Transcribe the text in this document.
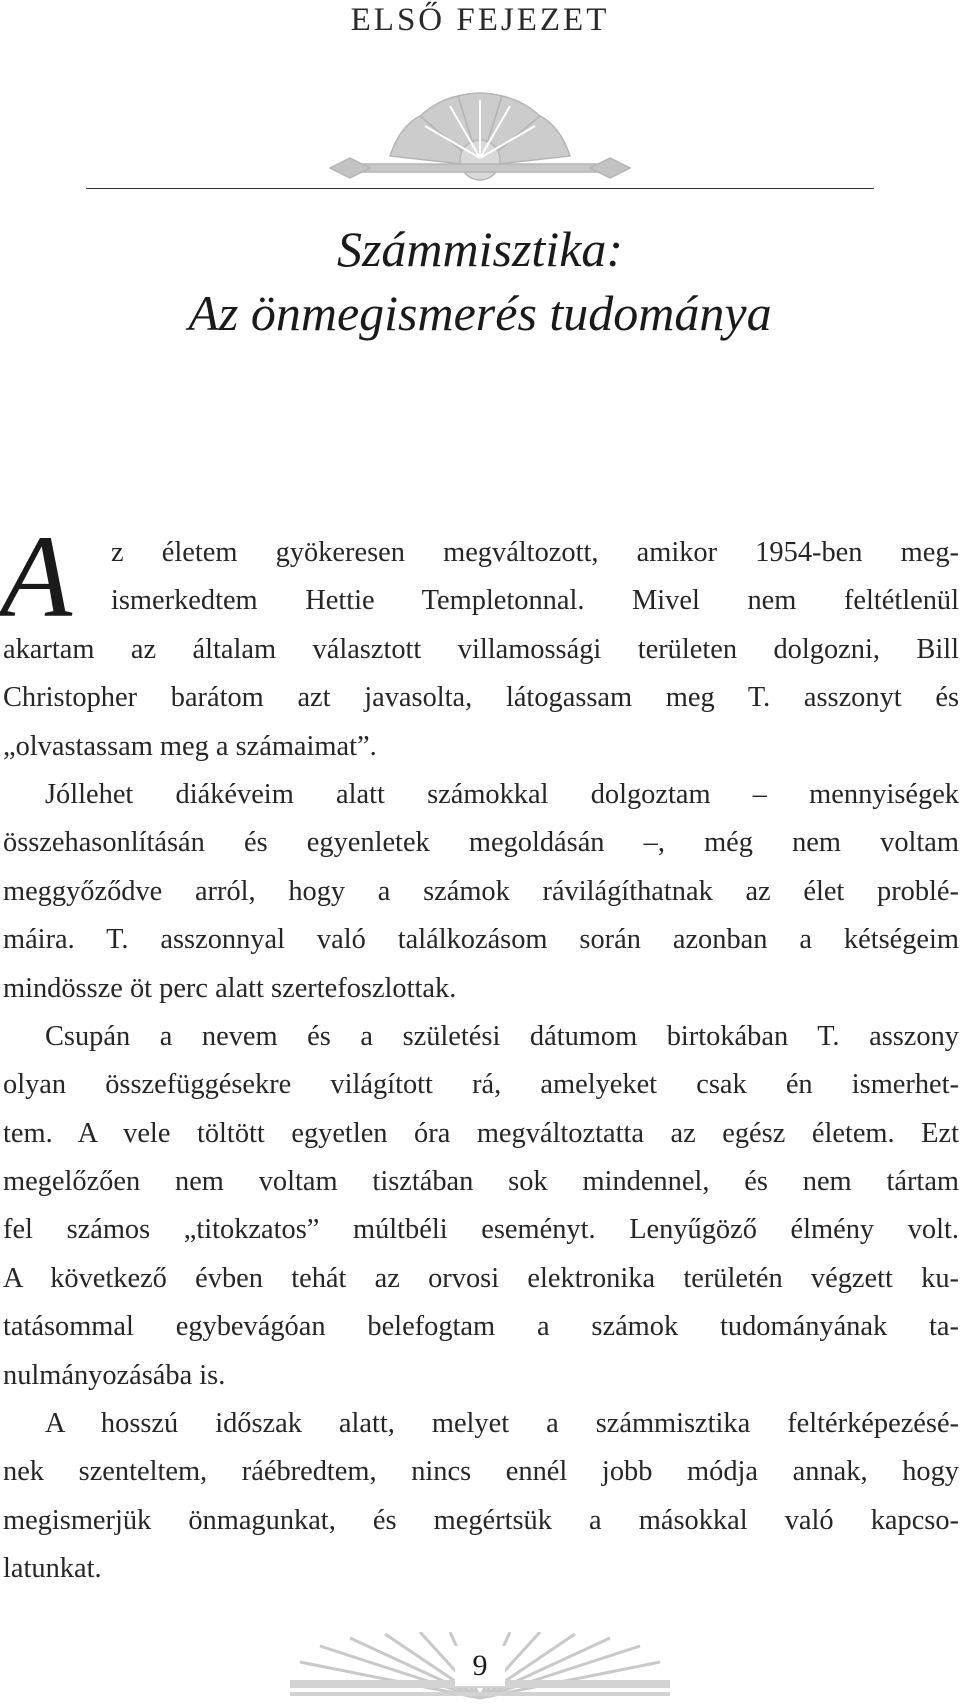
ELSŐ FEJEZET
Számmisztika:
Az önmegismerés tudománya
A	z életem gyökeresen megváltozott, amikor 1954-ben meg-
ismerkedtem Hettie Templetonnal. Mivel nem feltétlenül
akartam az általam választott villamossági területen dolgozni, Bill
Christopher barátom azt javasolta, látogassam meg T. asszonyt és
„olvastassam meg a számaimat”.
Jóllehet diákéveim alatt számokkal dolgoztam – mennyiségek
összehasonlításán és egyenletek megoldásán –, még nem voltam
meggyőződve arról, hogy a számok rávilágíthatnak az élet problé-
máira. T. asszonnyal való találkozásom során azonban a kétségeim
mindössze öt perc alatt szertefoszlottak.
Csupán a nevem és a születési dátumom birtokában T. asszony
olyan összefüggésekre világított rá, amelyeket csak én ismerhet-
tem. A vele töltött egyetlen óra megváltoztatta az egész életem. Ezt
megelőzően nem voltam tisztában sok mindennel, és nem tártam
fel számos „titokzatos” múltbéli eseményt. Lenyűgöző élmény volt.
A következő évben tehát az orvosi elektronika területén végzett ku-
tatásommal egybevágóan belefogtam a számok tudományának ta-
nulmányozásába is.
A hosszú időszak alatt, melyet a számmisztika feltérképezésé-
nek szenteltem, ráébredtem, nincs ennél jobb módja annak, hogy
megismerjük önmagunkat, és megértsük a másokkal való kapcso-
latunkat.
9
